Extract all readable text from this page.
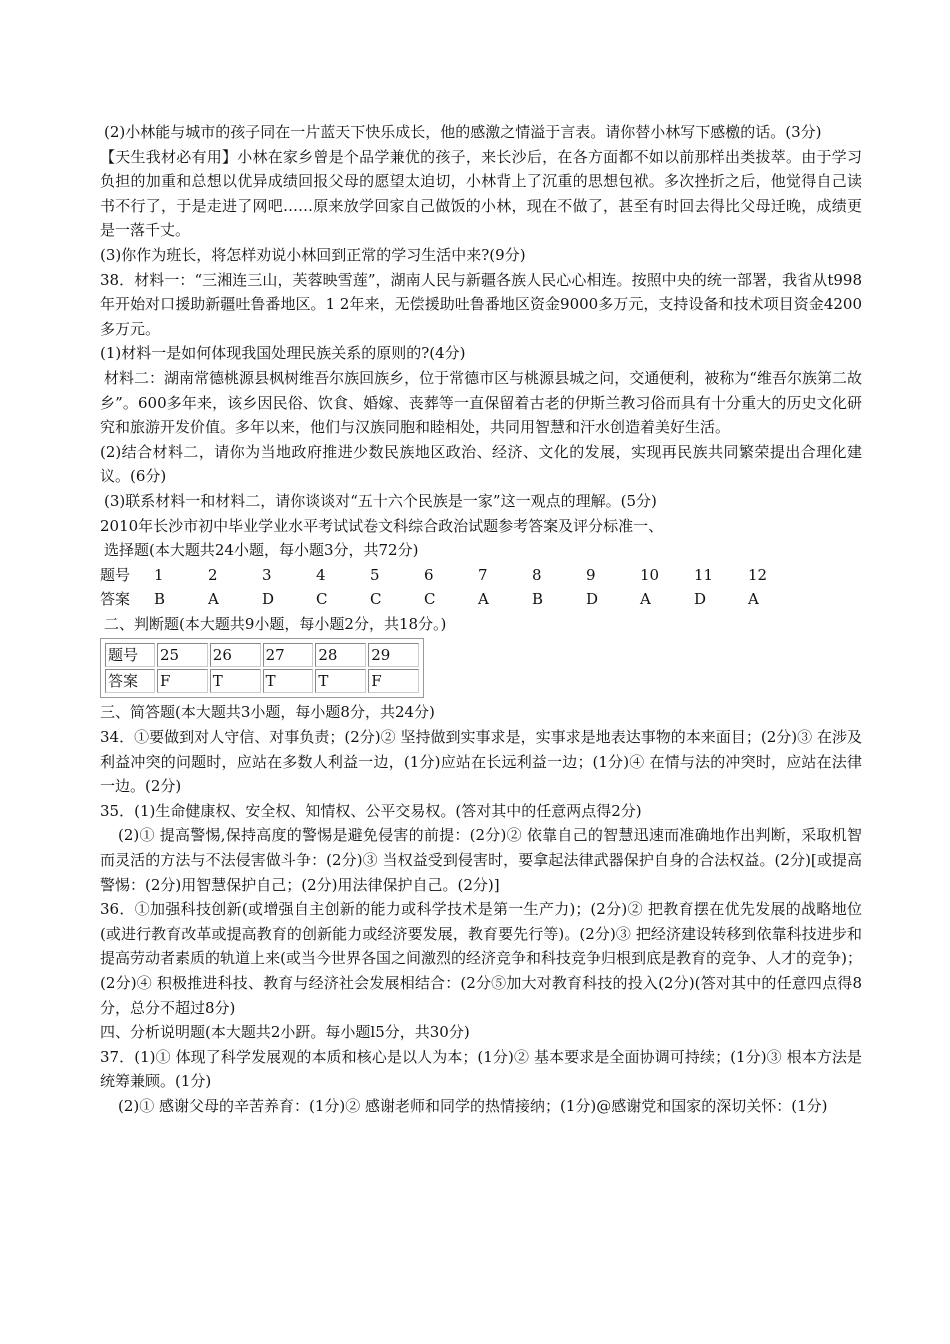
(2)小林能与城市的孩子同在一片蓝天下快乐成长，他的感激之情溢于言表。请你替小林写下感檄的话。(3分)

【天生我材必有用】小林在家乡曾是个品学兼优的孩子，来长沙后，在各方面都不如以前那样出类拔萃。由于学习负担的加重和总想以优异成绩回报父母的愿望太迫切，小林背上了沉重的思想包袱。多次挫折之后，他觉得自己读书不行了，于是走进了网吧……原来放学回家自己做饭的小林，现在不做了，甚至有时回去得比父母迁晚，成绩更是一落千丈。

(3)你作为班长，将怎样劝说小林回到正常的学习生活中来?(9分)

38．材料一：“三湘连三山，芙蓉映雪莲”，湖南人民与新疆各族人民心心相连。按照中央的统一部署，我省从t998年开始对口援助新疆吐鲁番地区。1 2年来，无偿援助吐鲁番地区资金9000多万元，支持设备和技术项目资金4200多万元。

(1)材料一是如何体现我国处理民族关系的原则的?(4分)

材料二：湖南常德桃源县枫树维吾尔族回族乡，位于常德市区与桃源县城之问，交通便利，被称为“维吾尔族第二故乡”。600多年来，该乡因民俗、饮食、婚嫁、丧葬等一直保留着古老的伊斯兰教习俗而具有十分重大的历史文化研究和旅游开发价值。多年以来，他们与汉族同胞和睦相处，共同用智慧和汗水创造着美好生活。

(2)结合材料二，请你为当地政府推进少数民族地区政治、经济、文化的发展，实现再民族共同繁荣提出合理化建议。(6分)

(3)联系材料一和材料二，请你谈谈对“五十六个民族是一家”这一观点的理解。(5分)

2010年长沙市初中毕业学业水平考试试卷文科综合政治试题参考答案及评分标准一、

选择题(本大题共24小题，每小题3分，共72分)

题号	1	2	3	4	5	6	7	8	9	10	11	12
答案	B	A	D	C	C	C	A	B	D	A	D	A

二、判断题(本大题共9小题，每小题2分，共18分。)

题号	25	26	27	28	29
答案	F	T	T	T	F

三、简答题(本大题共3小题，每小题8分，共24分)

34．①要做到对人守信、对事负责；(2分)② 坚持做到实事求是，实事求是地表达事物的本来面目；(2分)③ 在涉及利益冲突的问题时，应站在多数人利益一边，(1分)应站在长远利益一边；(1分)④ 在情与法的冲突时，应站在法律一边。(2分)

35．(1)生命健康权、安全权、知情权、公平交易权。(答对其中的任意两点得2分)

(2)① 提高警惕,保持高度的警惕是避免侵害的前提：(2分)② 依靠自己的智慧迅速而准确地作出判断，采取机智而灵活的方法与不法侵害做斗争：(2分)③ 当权益受到侵害时，要拿起法律武器保护自身的合法权益。(2分)[或提高警惕：(2分)用智慧保护自己；(2分)用法律保护自己。(2分)]

36．①加强科技创新(或增强自主创新的能力或科学技术是第一生产力)；(2分)② 把教育摆在优先发展的战略地位(或进行教育改革或提高教育的创新能力或经济要发展，教育要先行等)。(2分)③ 把经济建设转移到依靠科技进步和提高劳动者素质的轨道上来(或当今世界各国之间激烈的经济竞争和科技竞争归根到底是教育的竞争、人才的竞争)；(2分)④ 积极推进科技、教育与经济社会发展相结合：(2分⑤加大对教育科技的投入(2分)(答对其中的任意四点得8分，总分不超过8分)

四、分析说明题(本大题共2小趼。每小题l5分，共30分)

37．(1)① 体现了科学发展观的本质和核心是以人为本；(1分)② 基本要求是全面协调可持续；(1分)③ 根本方法是统筹兼顾。(1分)

(2)① 感谢父母的辛苦养育：(1分)② 感谢老师和同学的热情接纳；(1分)@感谢党和国家的深切关怀：(1分)
